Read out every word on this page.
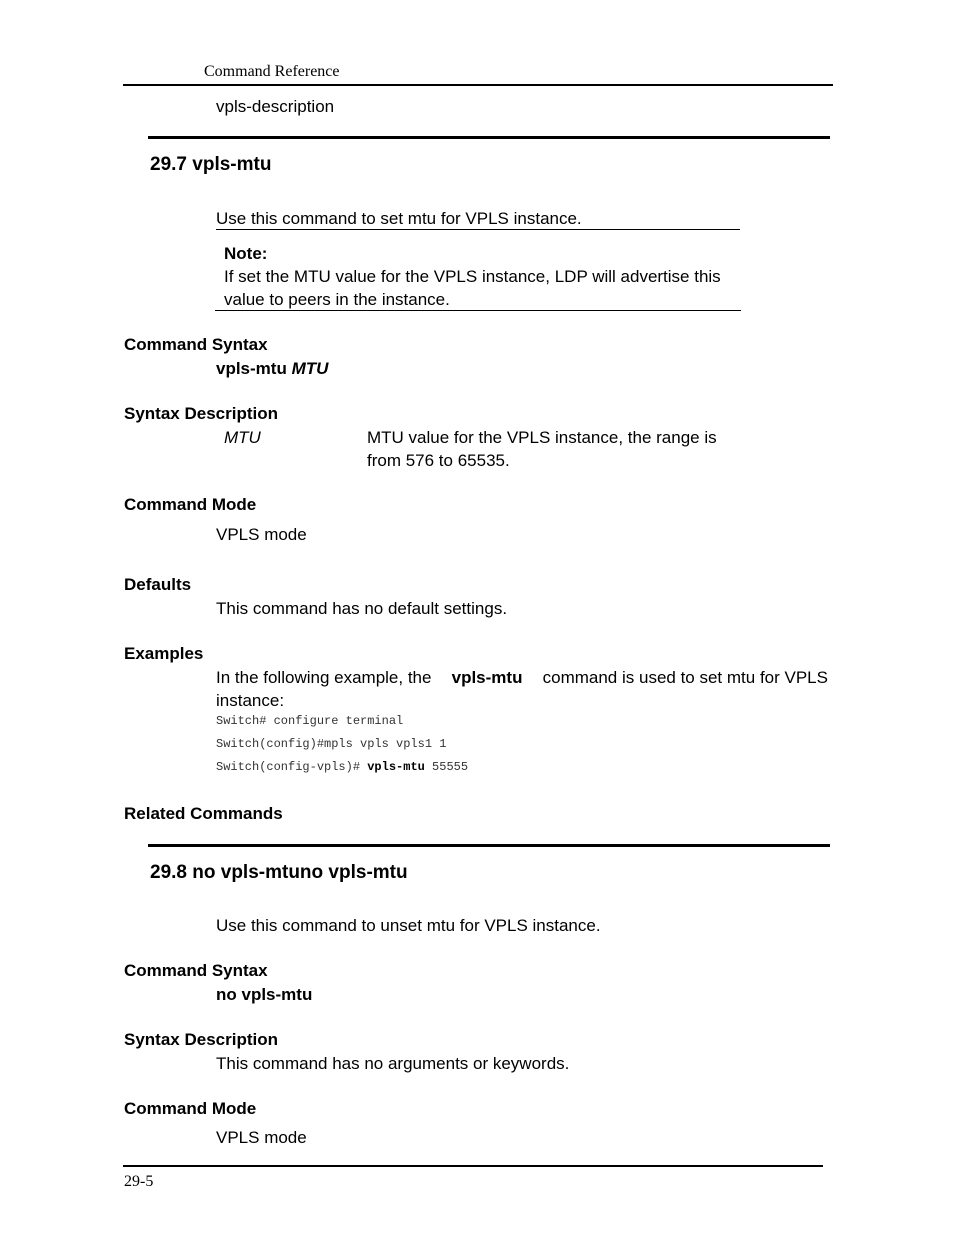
Command Reference
vpls-description
29.7 vpls-mtu
Use this command to set mtu for VPLS instance.
Note:
If set the MTU value for the VPLS instance, LDP will advertise this
value to peers in the instance.
Command Syntax
vpls-mtu MTU
Syntax Description
MTU	MTU value for the VPLS instance, the range is
from 576 to 65535.
Command Mode
VPLS mode
Defaults
This command has no default settings.
Examples
In the following example, the vpls-mtu command is used to set mtu for VPLS
instance:
Switch# configure terminal
Switch(config)#mpls vpls vpls1 1
Switch(config-vpls)# vpls-mtu 55555
Related Commands
29.8 no vpls-mtuno vpls-mtu
Use this command to unset mtu for VPLS instance.
Command Syntax
no vpls-mtu
Syntax Description
This command has no arguments or keywords.
Command Mode
VPLS mode
29-5
